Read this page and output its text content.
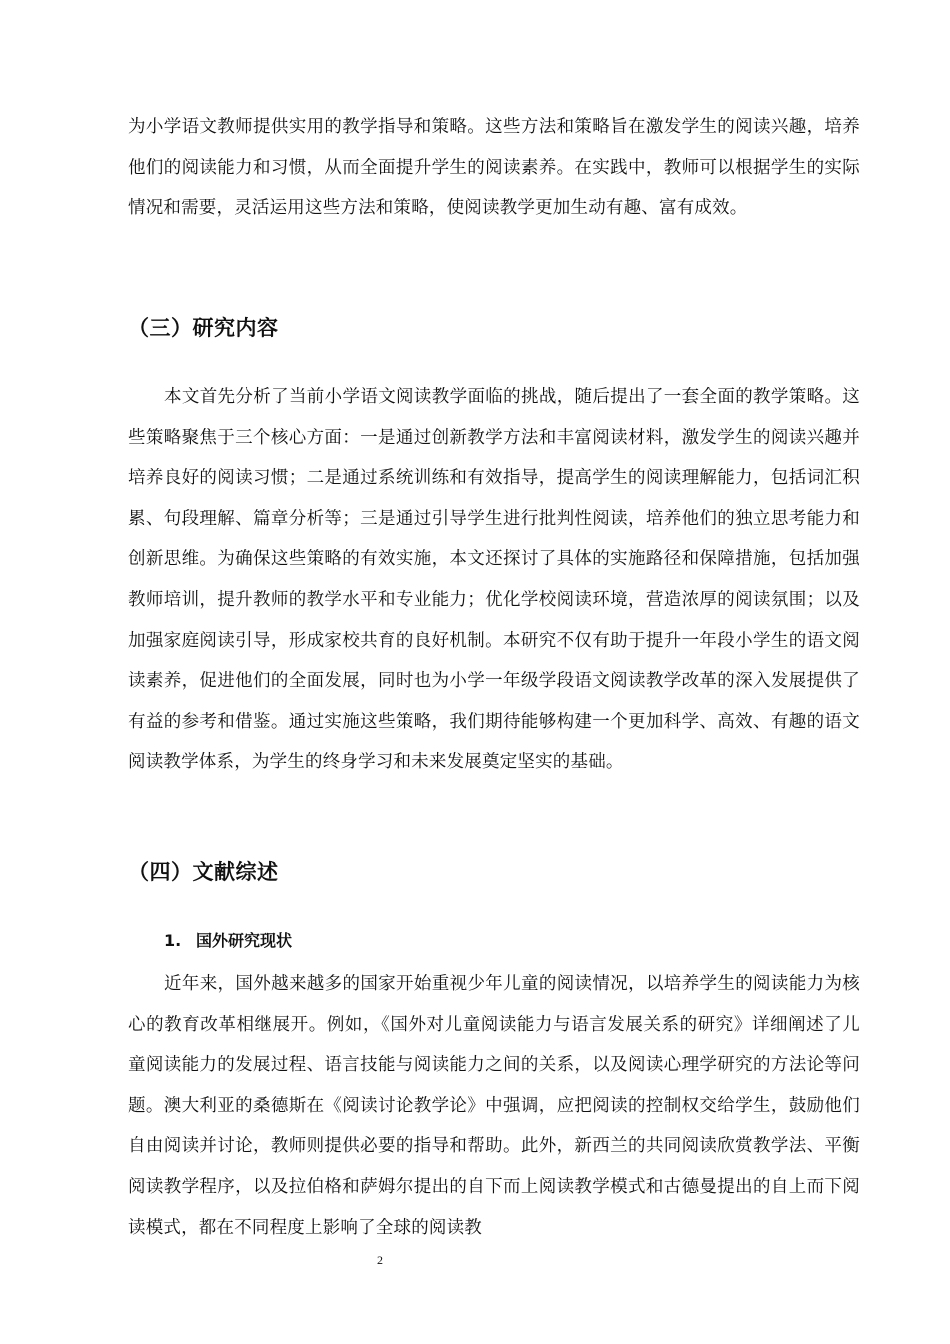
为小学语文教师提供实用的教学指导和策略。这些方法和策略旨在激发学生的阅读兴趣，培养他们的阅读能力和习惯，从而全面提升学生的阅读素养。在实践中，教师可以根据学生的实际情况和需要，灵活运用这些方法和策略，使阅读教学更加生动有趣、富有成效。

（三）研究内容

本文首先分析了当前小学语文阅读教学面临的挑战，随后提出了一套全面的教学策略。这些策略聚焦于三个核心方面：一是通过创新教学方法和丰富阅读材料，激发学生的阅读兴趣并培养良好的阅读习惯；二是通过系统训练和有效指导，提高学生的阅读理解能力，包括词汇积累、句段理解、篇章分析等；三是通过引导学生进行批判性阅读，培养他们的独立思考能力和创新思维。为确保这些策略的有效实施，本文还探讨了具体的实施路径和保障措施，包括加强教师培训，提升教师的教学水平和专业能力；优化学校阅读环境，营造浓厚的阅读氛围；以及加强家庭阅读引导，形成家校共育的良好机制。本研究不仅有助于提升一年段小学生的语文阅读素养，促进他们的全面发展，同时也为小学一年级学段语文阅读教学改革的深入发展提供了有益的参考和借鉴。通过实施这些策略，我们期待能够构建一个更加科学、高效、有趣的语文阅读教学体系，为学生的终身学习和未来发展奠定坚实的基础。

（四）文献综述
1. 国外研究现状

近年来，国外越来越多的国家开始重视少年儿童的阅读情况，以培养学生的阅读能力为核心的教育改革相继展开。例如，《国外对儿童阅读能力与语言发展关系的研究》详细阐述了儿童阅读能力的发展过程、语言技能与阅读能力之间的关系，以及阅读心理学研究的方法论等问题。澳大利亚的桑德斯在《阅读讨论教学论》中强调，应把阅读的控制权交给学生，鼓励他们自由阅读并讨论，教师则提供必要的指导和帮助。此外，新西兰的共同阅读欣赏教学法、平衡阅读教学程序，以及拉伯格和萨姆尔提出的自下而上阅读教学模式和古德曼提出的自上而下阅读模式，都在不同程度上影响了全球的阅读教

2
